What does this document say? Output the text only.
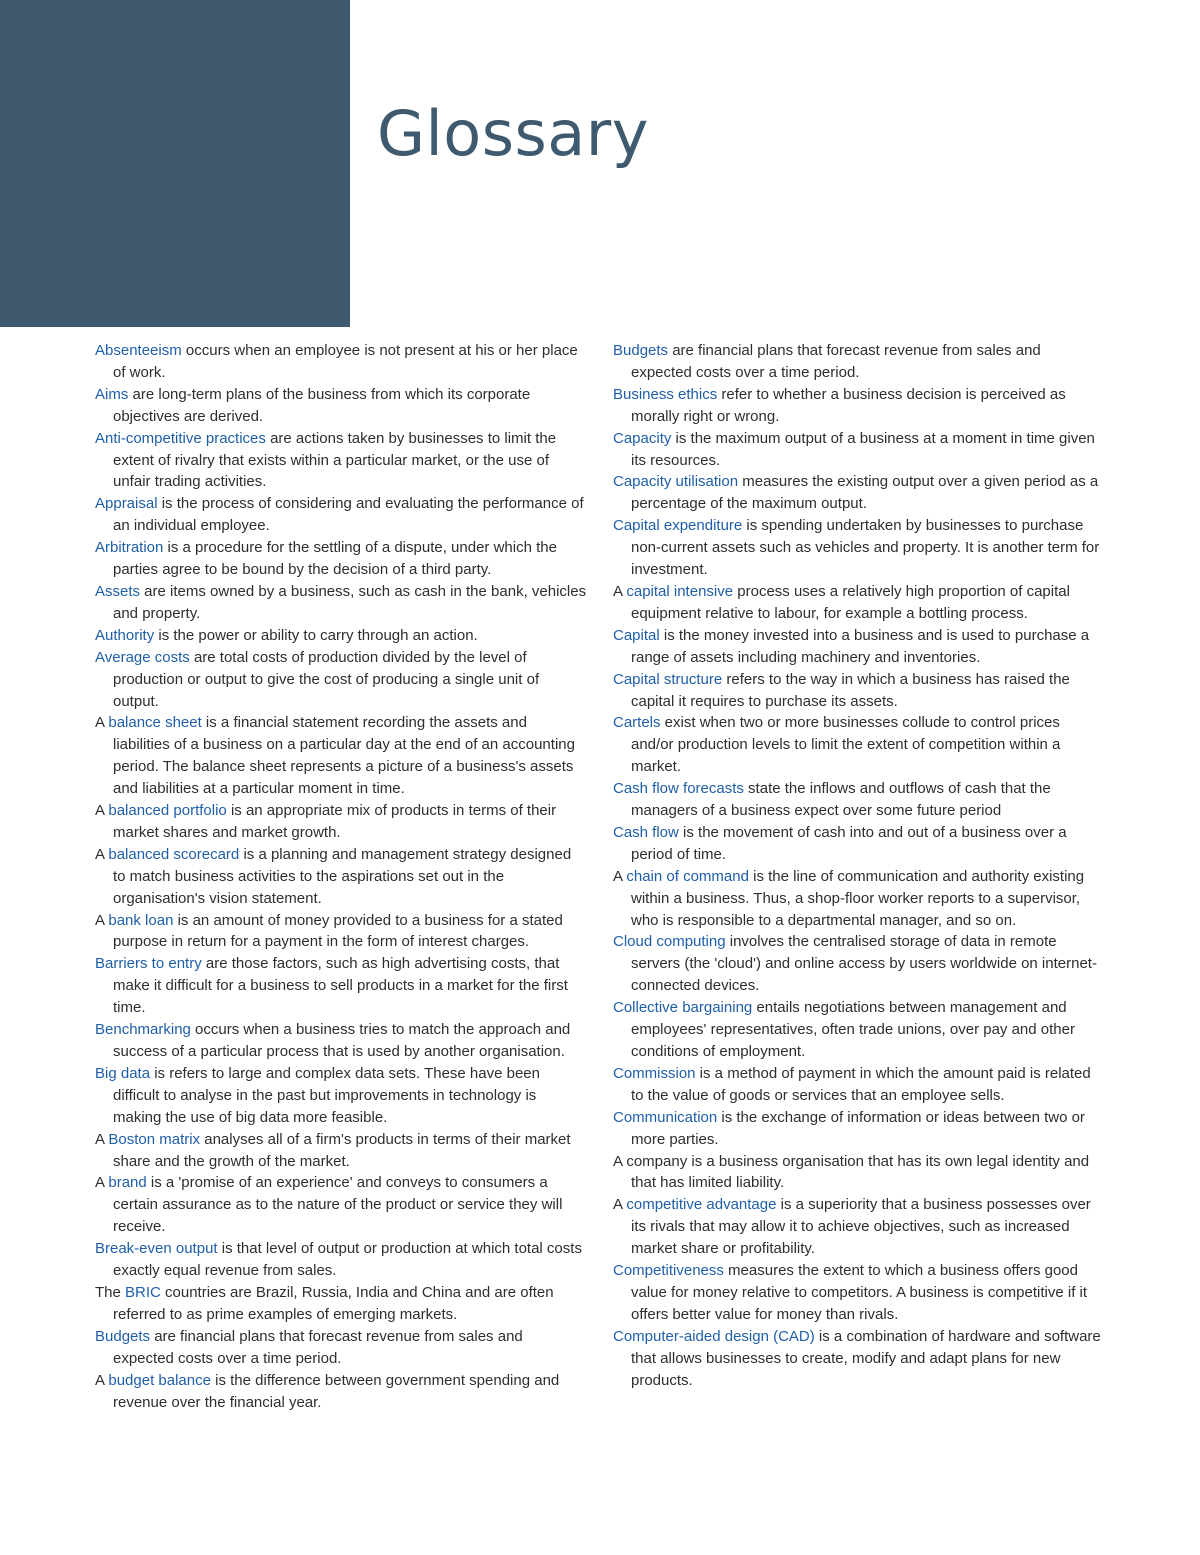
Glossary

Absenteeism occurs when an employee is not present at his or her place of work.

Aims are long-term plans of the business from which its corporate objectives are derived.

Anti-competitive practices are actions taken by businesses to limit the extent of rivalry that exists within a particular market, or the use of unfair trading activities.

Appraisal is the process of considering and evaluating the performance of an individual employee.

Arbitration is a procedure for the settling of a dispute, under which the parties agree to be bound by the decision of a third party.

Assets are items owned by a business, such as cash in the bank, vehicles and property.

Authority is the power or ability to carry through an action.

Average costs are total costs of production divided by the level of production or output to give the cost of producing a single unit of output.

A balance sheet is a financial statement recording the assets and liabilities of a business on a particular day at the end of an accounting period. The balance sheet represents a picture of a business's assets and liabilities at a particular moment in time.

A balanced portfolio is an appropriate mix of products in terms of their market shares and market growth.

A balanced scorecard is a planning and management strategy designed to match business activities to the aspirations set out in the organisation's vision statement.

A bank loan is an amount of money provided to a business for a stated purpose in return for a payment in the form of interest charges.

Barriers to entry are those factors, such as high advertising costs, that make it difficult for a business to sell products in a market for the first time.

Benchmarking occurs when a business tries to match the approach and success of a particular process that is used by another organisation.

Big data is refers to large and complex data sets. These have been difficult to analyse in the past but improvements in technology is making the use of big data more feasible.

A Boston matrix analyses all of a firm's products in terms of their market share and the growth of the market.

A brand is a 'promise of an experience' and conveys to consumers a certain assurance as to the nature of the product or service they will receive.

Break-even output is that level of output or production at which total costs exactly equal revenue from sales.

The BRIC countries are Brazil, Russia, India and China and are often referred to as prime examples of emerging markets.

Budgets are financial plans that forecast revenue from sales and expected costs over a time period.

A budget balance is the difference between government spending and revenue over the financial year.

Budgets are financial plans that forecast revenue from sales and expected costs over a time period.

Business ethics refer to whether a business decision is perceived as morally right or wrong.

Capacity is the maximum output of a business at a moment in time given its resources.

Capacity utilisation measures the existing output over a given period as a percentage of the maximum output.

Capital expenditure is spending undertaken by businesses to purchase non-current assets such as vehicles and property. It is another term for investment.

A capital intensive process uses a relatively high proportion of capital equipment relative to labour, for example a bottling process.

Capital is the money invested into a business and is used to purchase a range of assets including machinery and inventories.

Capital structure refers to the way in which a business has raised the capital it requires to purchase its assets.

Cartels exist when two or more businesses collude to control prices and/or production levels to limit the extent of competition within a market.

Cash flow forecasts state the inflows and outflows of cash that the managers of a business expect over some future period

Cash flow is the movement of cash into and out of a business over a period of time.

A chain of command is the line of communication and authority existing within a business. Thus, a shop-floor worker reports to a supervisor, who is responsible to a departmental manager, and so on.

Cloud computing involves the centralised storage of data in remote servers (the 'cloud') and online access by users worldwide on internet-connected devices.

Collective bargaining entails negotiations between management and employees' representatives, often trade unions, over pay and other conditions of employment.

Commission is a method of payment in which the amount paid is related to the value of goods or services that an employee sells.

Communication is the exchange of information or ideas between two or more parties.

A company is a business organisation that has its own legal identity and that has limited liability.

A competitive advantage is a superiority that a business possesses over its rivals that may allow it to achieve objectives, such as increased market share or profitability.

Competitiveness measures the extent to which a business offers good value for money relative to competitors. A business is competitive if it offers better value for money than rivals.

Computer-aided design (CAD) is a combination of hardware and software that allows businesses to create, modify and adapt plans for new products.
